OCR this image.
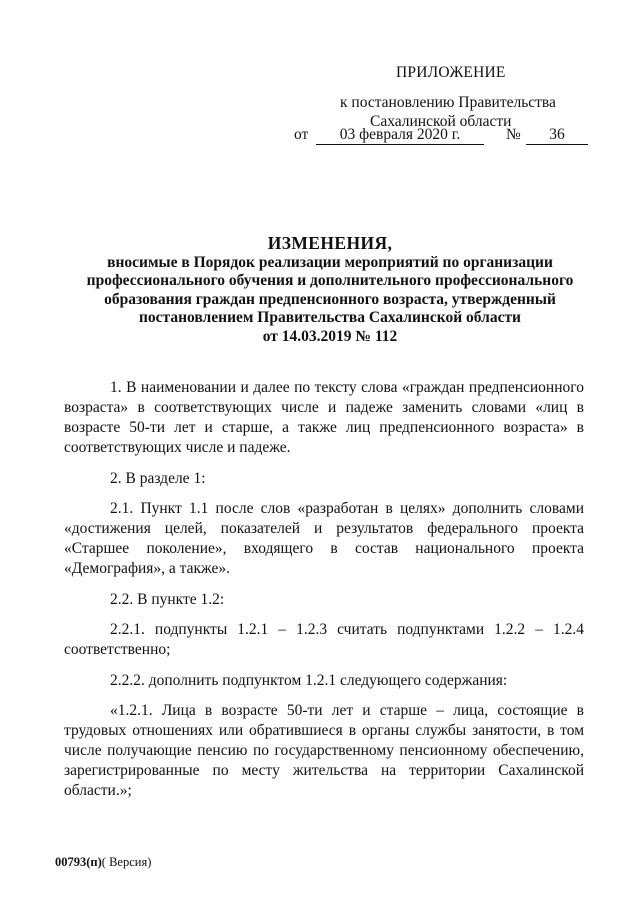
ПРИЛОЖЕНИЕ
к постановлению Правительства
Сахалинской области
от	03 февраля 2020 г.	№	36
ИЗМЕНЕНИЯ,
вносимые в Порядок реализации мероприятий по организации
профессионального обучения и дополнительного профессионального
образования граждан предпенсионного возраста, утвержденный
постановлением Правительства Сахалинской области
от 14.03.2019 № 112

1. В наименовании и далее по тексту слова «граждан предпенсионного возраста» в соответствующих числе и падеже заменить словами «лиц в возрасте 50-ти лет и старше, а также лиц предпенсионного возраста» в соответствующих числе и падеже.

2. В разделе 1:

2.1. Пункт 1.1 после слов «разработан в целях» дополнить словами «достижения целей, показателей и результатов федерального проекта «Старшее поколение», входящего в состав национального проекта «Демография», а также».

2.2. В пункте 1.2:

2.2.1. подпункты 1.2.1 – 1.2.3 считать подпунктами 1.2.2 – 1.2.4 соответственно;

2.2.2. дополнить подпунктом 1.2.1 следующего содержания:

«1.2.1. Лица в возрасте 50-ти лет и старше – лица, состоящие в трудовых отношениях или обратившиеся в органы службы занятости, в том числе получающие пенсию по государственному пенсионному обеспечению, зарегистрированные по месту жительства на территории Сахалинской области.»;

00793(п)( Версия)
